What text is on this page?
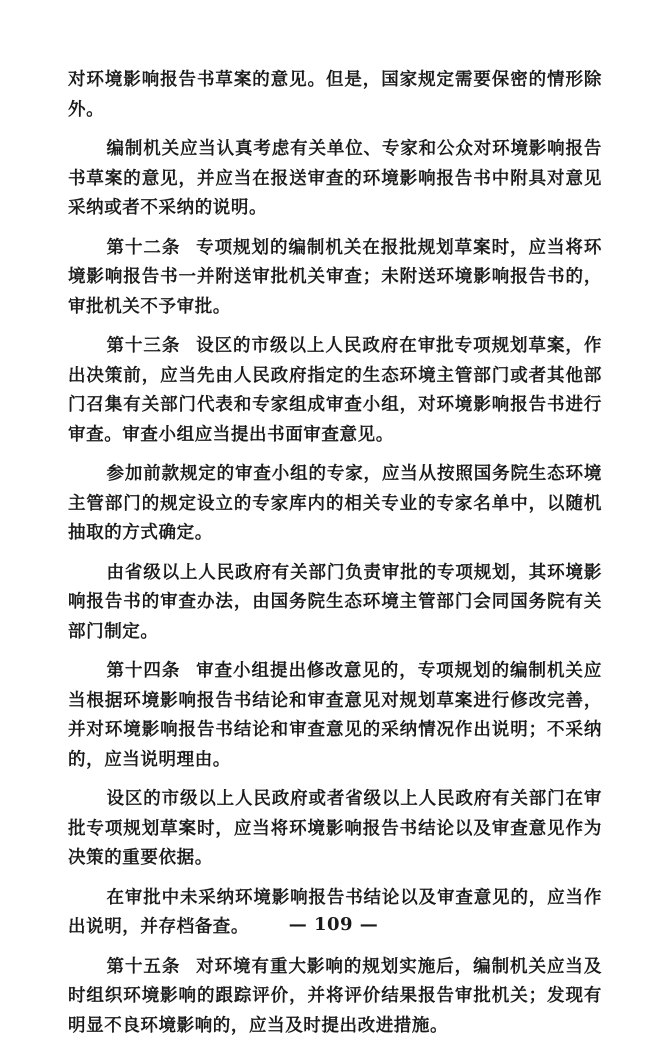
对环境影响报告书草案的意见。但是，国家规定需要保密的情形除外。

编制机关应当认真考虑有关单位、专家和公众对环境影响报告书草案的意见，并应当在报送审查的环境影响报告书中附具对意见采纳或者不采纳的说明。

第十二条 专项规划的编制机关在报批规划草案时，应当将环境影响报告书一并附送审批机关审查；未附送环境影响报告书的，审批机关不予审批。

第十三条 设区的市级以上人民政府在审批专项规划草案，作出决策前，应当先由人民政府指定的生态环境主管部门或者其他部门召集有关部门代表和专家组成审查小组，对环境影响报告书进行审查。审查小组应当提出书面审查意见。

参加前款规定的审查小组的专家，应当从按照国务院生态环境主管部门的规定设立的专家库内的相关专业的专家名单中，以随机抽取的方式确定。

由省级以上人民政府有关部门负责审批的专项规划，其环境影响报告书的审查办法，由国务院生态环境主管部门会同国务院有关部门制定。

第十四条 审查小组提出修改意见的，专项规划的编制机关应当根据环境影响报告书结论和审查意见对规划草案进行修改完善，并对环境影响报告书结论和审查意见的采纳情况作出说明；不采纳的，应当说明理由。

设区的市级以上人民政府或者省级以上人民政府有关部门在审批专项规划草案时，应当将环境影响报告书结论以及审查意见作为决策的重要依据。

在审批中未采纳环境影响报告书结论以及审查意见的，应当作出说明，并存档备查。

第十五条 对环境有重大影响的规划实施后，编制机关应当及时组织环境影响的跟踪评价，并将评价结果报告审批机关；发现有明显不良环境影响的，应当及时提出改进措施。

— 109 —
